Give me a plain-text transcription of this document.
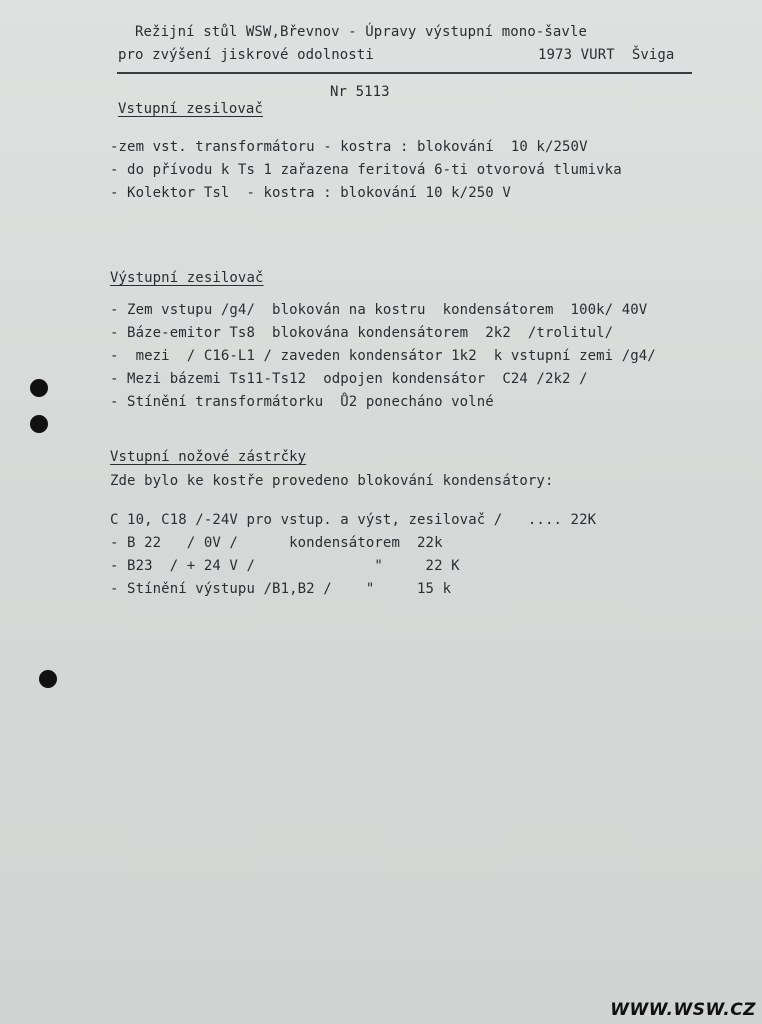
Režijní stůl WSW,Břevnov - Úpravy výstupní mono-šavle
pro zvýšení jiskrové odolnosti	1973 VURT  Šviga
Nr 5113
Vstupní zesilovač
-zem vst. transformátoru - kostra : blokování  10 k/250V
- do přívodu k Ts 1 zařazena feritová 6-ti otvorová tlumivka
- Kolektor Tsl  - kostra : blokování 10 k/250 V
Výstupní zesilovač
- Zem vstupu /g4/  blokován na kostru  kondensátorem  100k/ 40V
- Báze-emitor Ts8  blokována kondensátorem  2k2  /trolitul/
-  mezi  / C16-L1 / zaveden kondensátor 1k2  k vstupní zemi /g4/
- Mezi bázemi Ts11-Ts12  odpojen kondensátor  C24 /2k2 /
- Stínění transformátorku  Ů2 ponecháno volné
Vstupní nožové zástrčky
Zde bylo ke kostře provedeno blokování kondensátory:
C 10, C18 /-24V pro vstup. a výst, zesilovač /   .... 22K
- B 22   / 0V /      kondensátorem  22k
- B23  / + 24 V /              "     22 K
- Stínění výstupu /B1,B2 /    "     15 k
WWW.WSW.CZ
